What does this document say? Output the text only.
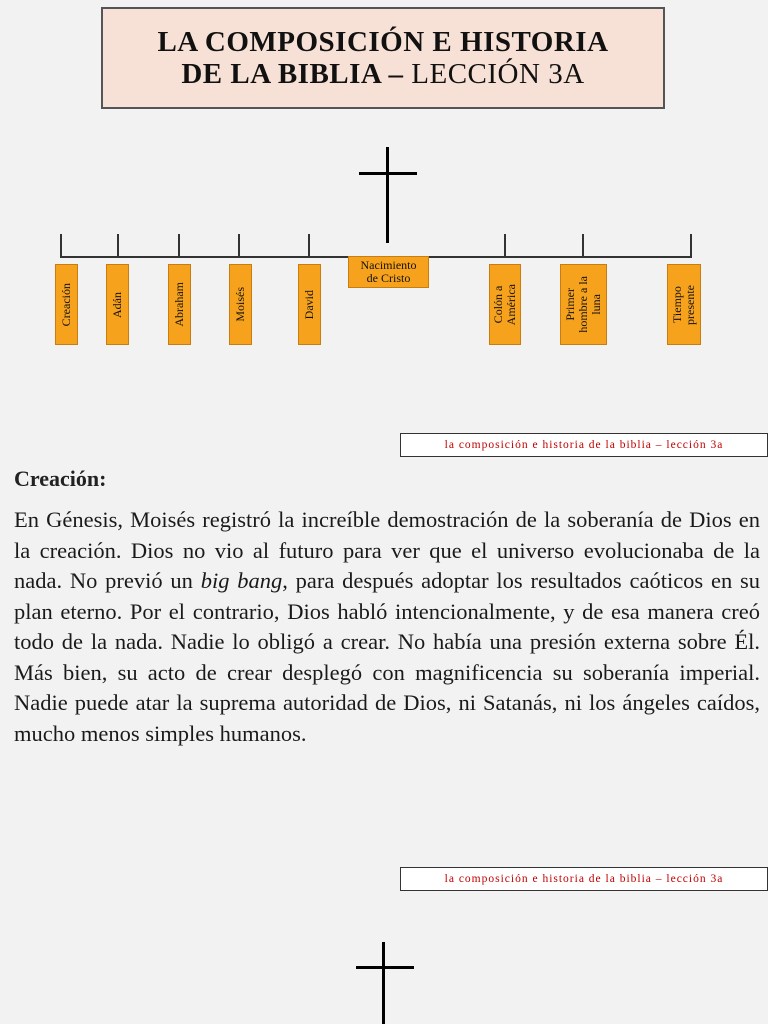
LA COMPOSICIÓN E HISTORIA
DE LA BIBLIA – LECCIÓN 3A
Creación	Adán	Abraham	Moisés	David
Nacimiento
de Cristo
Colón a
América	Primer
hombre a la
luna	Tiempo
presente
la composición e historia de la biblia – lección 3a
Creación:
En Génesis, Moisés registró la increíble demostración de la soberanía de Dios en la creación. Dios no vio al futuro para ver que el universo evolucionaba de la nada. No previó un big bang, para después adoptar los resultados caóticos en su plan eterno. Por el contrario, Dios habló intencionalmente, y de esa manera creó todo de la nada. Nadie lo obligó a crear. No había una presión externa sobre Él. Más bien, su acto de crear desplegó con magnificencia su soberanía imperial. Nadie puede atar la suprema autoridad de Dios, ni Satanás, ni los ángeles caídos, mucho menos simples humanos.
la composición e historia de la biblia – lección 3a
